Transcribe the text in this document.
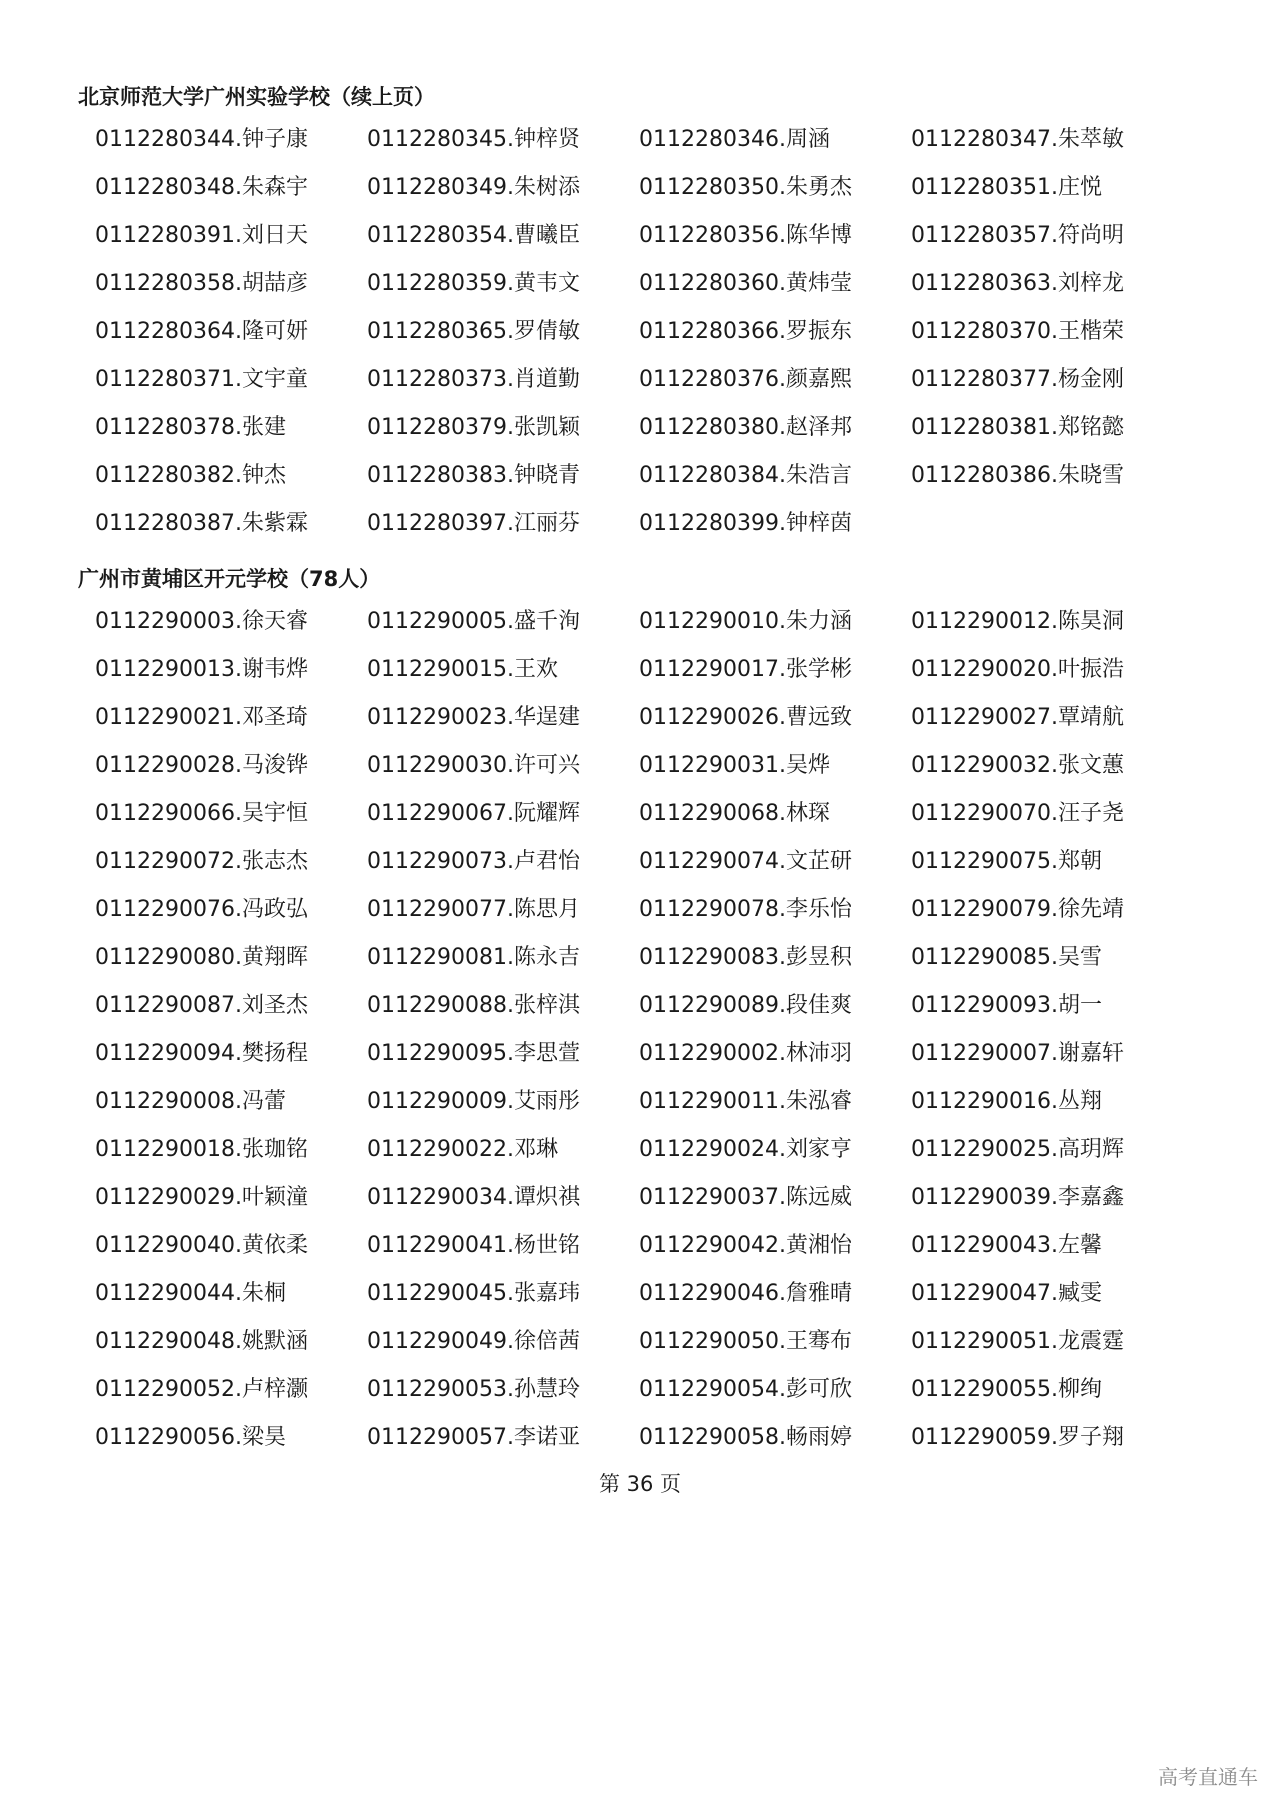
北京师范大学广州实验学校（续上页）
0112280344.钟子康	0112280345.钟梓贤	0112280346.周涵	0112280347.朱萃敏
0112280348.朱森宇	0112280349.朱树添	0112280350.朱勇杰	0112280351.庄悦
0112280391.刘日天	0112280354.曹曦臣	0112280356.陈华博	0112280357.符尚明
0112280358.胡喆彦	0112280359.黄韦文	0112280360.黄炜莹	0112280363.刘梓龙
0112280364.隆可妍	0112280365.罗倩敏	0112280366.罗振东	0112280370.王楷荣
0112280371.文宇童	0112280373.肖道勤	0112280376.颜嘉熙	0112280377.杨金刚
0112280378.张建	0112280379.张凯颖	0112280380.赵泽邦	0112280381.郑铭懿
0112280382.钟杰	0112280383.钟晓青	0112280384.朱浩言	0112280386.朱晓雪
0112280387.朱紫霖	0112280397.江丽芬	0112280399.钟梓茵
广州市黄埔区开元学校（78人）
0112290003.徐天睿	0112290005.盛千洵	0112290010.朱力涵	0112290012.陈昊洞
0112290013.谢韦烨	0112290015.王欢	0112290017.张学彬	0112290020.叶振浩
0112290021.邓圣琦	0112290023.华逞建	0112290026.曹远致	0112290027.覃靖航
0112290028.马浚铧	0112290030.许可兴	0112290031.吴烨	0112290032.张文蕙
0112290066.吴宇恒	0112290067.阮耀辉	0112290068.林琛	0112290070.汪子尧
0112290072.张志杰	0112290073.卢君怡	0112290074.文芷研	0112290075.郑朝
0112290076.冯政弘	0112290077.陈思月	0112290078.李乐怡	0112290079.徐先靖
0112290080.黄翔晖	0112290081.陈永吉	0112290083.彭昱积	0112290085.吴雪
0112290087.刘圣杰	0112290088.张梓淇	0112290089.段佳爽	0112290093.胡一
0112290094.樊扬程	0112290095.李思萱	0112290002.林沛羽	0112290007.谢嘉轩
0112290008.冯蕾	0112290009.艾雨彤	0112290011.朱泓睿	0112290016.丛翔
0112290018.张珈铭	0112290022.邓琳	0112290024.刘家亨	0112290025.高玥辉
0112290029.叶颖潼	0112290034.谭炽祺	0112290037.陈远威	0112290039.李嘉鑫
0112290040.黄依柔	0112290041.杨世铭	0112290042.黄湘怡	0112290043.左馨
0112290044.朱桐	0112290045.张嘉玮	0112290046.詹雅晴	0112290047.臧雯
0112290048.姚默涵	0112290049.徐倍茜	0112290050.王骞布	0112290051.龙震霆
0112290052.卢梓灏	0112290053.孙慧玲	0112290054.彭可欣	0112290055.柳绚
0112290056.梁昊	0112290057.李诺亚	0112290058.畅雨婷	0112290059.罗子翔
第 36 页
高考直通车
